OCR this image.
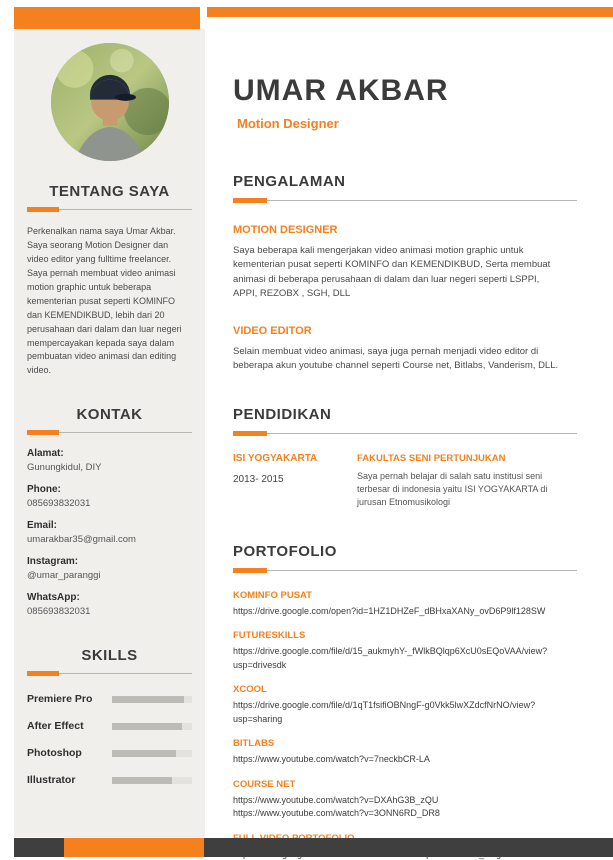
TENTANG SAYA

Perkenalkan nama saya Umar Akbar. Saya seorang Motion Designer dan video editor yang fulltime freelancer. Saya pernah membuat video animasi motion graphic untuk beberapa kementerian pusat seperti KOMINFO dan KEMENDIKBUD, lebih dari 20 perusahaan dari dalam dan luar negeri mempercayakan kepada saya dalam pembuatan video animasi dan editing video.

KONTAK
Alamat:
Gunungkidul, DIY
Phone:
085693832031
Email:
umarakbar35@gmail.com
Instagram:
@umar_paranggi
WhatsApp:
085693832031
SKILLS
Premiere Pro
After Effect
Photoshop
Illustrator
UMAR AKBAR
Motion Designer
PENGALAMAN
MOTION DESIGNER

Saya beberapa kali mengerjakan video animasi motion graphic untuk kementerian pusat seperti KOMINFO dan KEMENDIKBUD, Serta membuat animasi di beberapa perusahaan di dalam dan luar negeri seperti LSPPI, APPI, REZOBX , SGH, DLL

VIDEO EDITOR

Selain membuat video animasi, saya juga pernah menjadi video editor di beberapa akun youtube channel seperti Course net, Bitlabs, Vanderism, DLL.

PENDIDIKAN
ISI YOGYAKARTA
2013- 2015
FAKULTAS SENI PERTUNJUKAN
Saya pernah belajar di salah satu institusi seni terbesar di indonesia yaitu ISI YOGYAKARTA di jurusan Etnomusikologi
PORTOFOLIO
KOMINFO PUSAT
https://drive.google.com/open?id=1HZ1DHZeF_dBHxaXANy_ovD6P9lf128SW
FUTURESKILLS
https://drive.google.com/file/d/15_aukmyhY-_fWlkBQlqp6XcU0sEQoVAA/view?usp=drivesdk
XCOOL
https://drive.google.com/file/d/1qT1fsifiOBNngF-g0Vkk5lwXZdcfNrNO/view?usp=sharing
BITLABS
https://www.youtube.com/watch?v=7neckbCR-LA
COURSE NET
https://www.youtube.com/watch?v=DXAhG3B_zQU
https://www.youtube.com/watch?v=3ONN6RD_DR8
